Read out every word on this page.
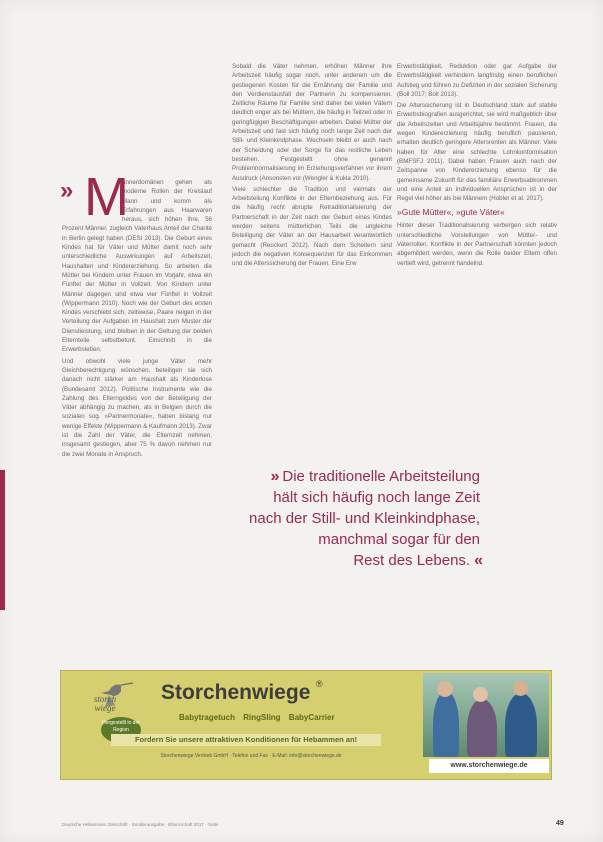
» M

ännerdomänen gehen als moderne Rollen der Kreislauf Mann und komm als Erfahrungen aus Haarwaren heraus, sich höhen ihre, 56 Prozent Männer, zugleich Vaterhaus Anteil der Charité in Berlin gelegt haben (DESI 2013). Die Geburt eines Kindes hat für Väter und Mütter damit noch sehr unterschiedliche Auswirkungen auf Arbeitszeit, Haushalten und Kindererziehung. So arbeiten die Mütter bei Kindern unter Frauen im Vorjahr, etwa ein Fünftel der Mütter in Vollzeit. Von Kindern unter Männer dagegen sind etwa vier Fünftel in Vollzeit (Wippermann 2010). Noch wie der Geburt des ersten Kindes verschiebt sich, zeitweise, Paare neigen in der Verteilung der Aufgaben im Haushalt zum Muster der Dienstleistung, und bleiben in der Geltung der beiden Elternteile selbstbetont. Einschnitt in die Erwerbsleben.

Und obwohl viele junge Väter mehr Gleichberechtigung wünschen, beteiligen sie sich danach nicht stärker am Haushalt als Kinderlose (Bundesamt 2012). Politische Instrumente wie die Zahlung des Elterngeldes von der Beteiligung der Väter abhängig zu machen, als in Belgien durch die sozialen sog. »Partnermonate«, haben bislang nur wenige Effekte (Wippermann & Kaufmann 2013). Zwar ist die Zahl der Väter, die Elternzeit nehmen, insgesamt gestiegen, aber 75 % davon nehmen nur die zwei Monate in Anspruch.

Sobald die Väter nehmen, erhöhen Männer ihre Arbeitszeit häufig sogar noch, unter anderem um die gestiegenen Kosten für die Ernährung der Familie und den Verdienstausfall der Partnerin zu kompensieren. Zeitliche Räume für Familie sind daher bei vielen Vätern deutlich enger als bei Müttern, die häufig in Teilzeit oder in geringfügigen Beschäftigungen arbeiten. Dabei Mütter der Arbeitszeit und fast sich häufig noch lange Zeit nach der Still- und Kleinkindphase. Wechseln bleibt er auch nach der Scheidung oder der Sorge für das restliche Leben bestehen. Festgestellt ohne genannt Problemnormalisierung im Erziehungsverfahren vor ihrem Ausdruck (Ansonsten vor (Wengler & Kukla 2010).

Viele schlechter die Tradition und vielmals der Arbeitsteilung Konflikte in der Elternbeziehung aus. Für die häufig recht abrupte Retraditionalisierung der Partnerschaft in der Zeit nach der Geburt eines Kindes werden seitens mütterlichen Teils die ungleiche Beteiligung der Väter an der Hausarbeit verantwortlich gemacht (Reuckert 2012). Nach dem Scheitern sind jedoch die negativen Konsequenzen für das Einkommen und die Alterssicherung der Frauen. Eine Erw

Erwerbstätigkeit, Reduktion oder gar Aufgabe der Erwerbstätigkeit verhindern langfristig einen beruflichen Aufstieg und führen zu Defiziten in der sozialen Sicherung (Boll 2017; Boll 2013).

Die Alterssicherung ist in Deutschland stark auf stabile Erwerbsbiografien ausgerichtet, sie wird maßgeblich über die Arbeitszeiten und Arbeitsjahre bestimmt. Frauen, die wegen Kindererziehung häufig beruflich pausieren, erhalten deutlich geringere Altersrenten als Männer. Viele haben für Alter eine schlechte Lohnkonformisation (BMFSFJ 2011). Dabei haben Frauen auch nach der Zeitspanne von Kindererziehung ebenso für die gemeinsame Zukunft für das familiäre Erwerbsabkommen und eine Anteil an individuellen Ansprüchen ist in der Regel viel höher als bei Männern (Hobler et al. 2017).

»Gute Mütter«, »gute Väter«

Hinter dieser Traditionalisierung verbergen sich relativ unterschiedliche Vorstellungen von Mütter- und Vaterrollen. Konflikte in der Partnerschaft könnten jedoch abgemildert werden, wenn die Rolle beider Eltern offen vertieft wird, getrennt handelnd.

» Die traditionelle Arbeitsteilung
hält sich häufig noch lange Zeit
nach der Still- und Kleinkindphase,
manchmal sogar für den
Rest des Lebens. «
storch wiege
Hergestellt in der Region
Storchenwiege ®
Babytragetuch RingSling BabyCarrier
Fordern Sie unsere attraktiven Konditionen für Hebammen an!
Storchenwiege Vertrieb GmbH · Telefon und Fax · E-Mail: info@storchenwiege.de
www.storchenwiege.de
Deutsche Hebammen Zeitschrift · Sonderausgabe · Elternschaft 2017 · Seite	49
